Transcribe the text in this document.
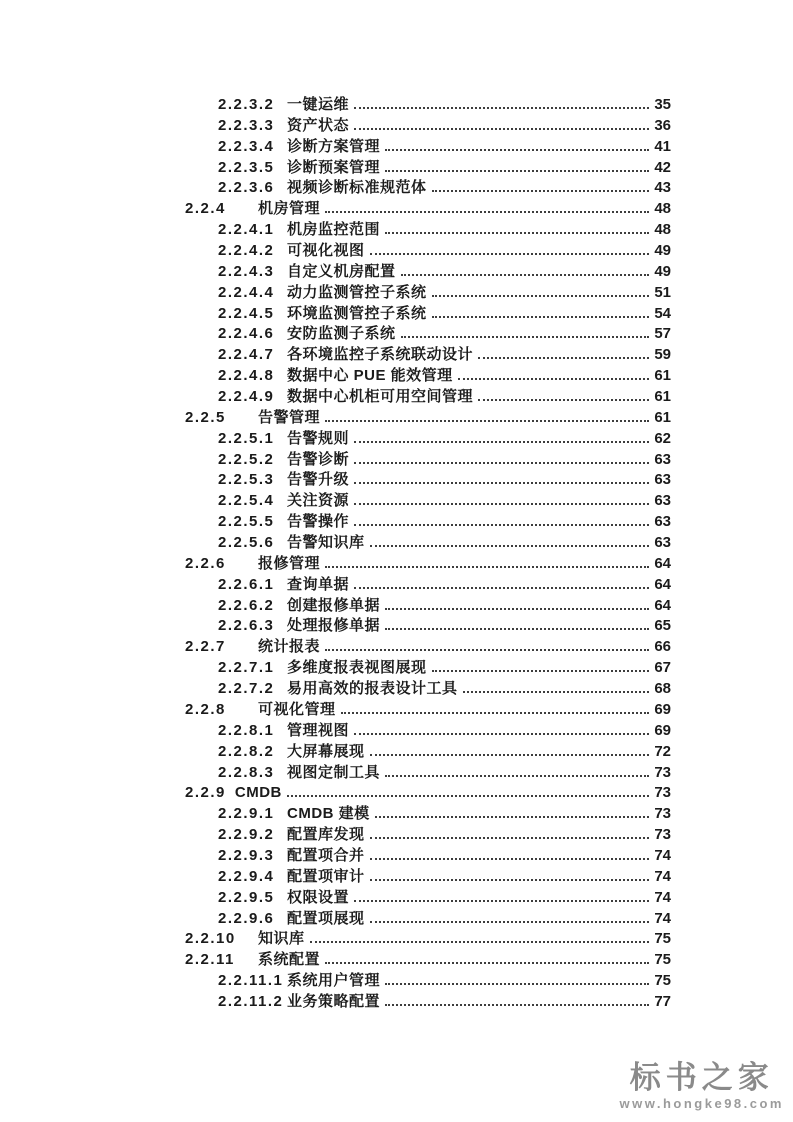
2.2.3.2 一键运维	35
2.2.3.3 资产状态	36
2.2.3.4 诊断方案管理	41
2.2.3.5 诊断预案管理	42
2.2.3.6 视频诊断标准规范体	43
2.2.4	机房管理	48
2.2.4.1 机房监控范围	48
2.2.4.2 可视化视图	49
2.2.4.3 自定义机房配置	49
2.2.4.4 动力监测管控子系统	51
2.2.4.5 环境监测管控子系统	54
2.2.4.6 安防监测子系统	57
2.2.4.7 各环境监控子系统联动设计	59
2.2.4.8 数据中心 PUE 能效管理	61
2.2.4.9 数据中心机柜可用空间管理	61
2.2.5	告警管理	61
2.2.5.1 告警规则	62
2.2.5.2 告警诊断	63
2.2.5.3 告警升级	63
2.2.5.4 关注资源	63
2.2.5.5 告警操作	63
2.2.5.6 告警知识库	63
2.2.6	报修管理	64
2.2.6.1 查询单据	64
2.2.6.2 创建报修单据	64
2.2.6.3 处理报修单据	65
2.2.7	统计报表	66
2.2.7.1 多维度报表视图展现	67
2.2.7.2 易用高效的报表设计工具	68
2.2.8	可视化管理	69
2.2.8.1 管理视图	69
2.2.8.2 大屏幕展现	72
2.2.8.3 视图定制工具	73
2.2.9 CMDB	73
2.2.9.1 CMDB 建模	73
2.2.9.2 配置库发现	73
2.2.9.3 配置项合并	74
2.2.9.4 配置项审计	74
2.2.9.5 权限设置	74
2.2.9.6 配置项展现	74
2.2.10	知识库	75
2.2.11	系统配置	75
2.2.11.1 系统用户管理	75
2.2.11.2 业务策略配置	77
标书之家
www.hongke98.com
